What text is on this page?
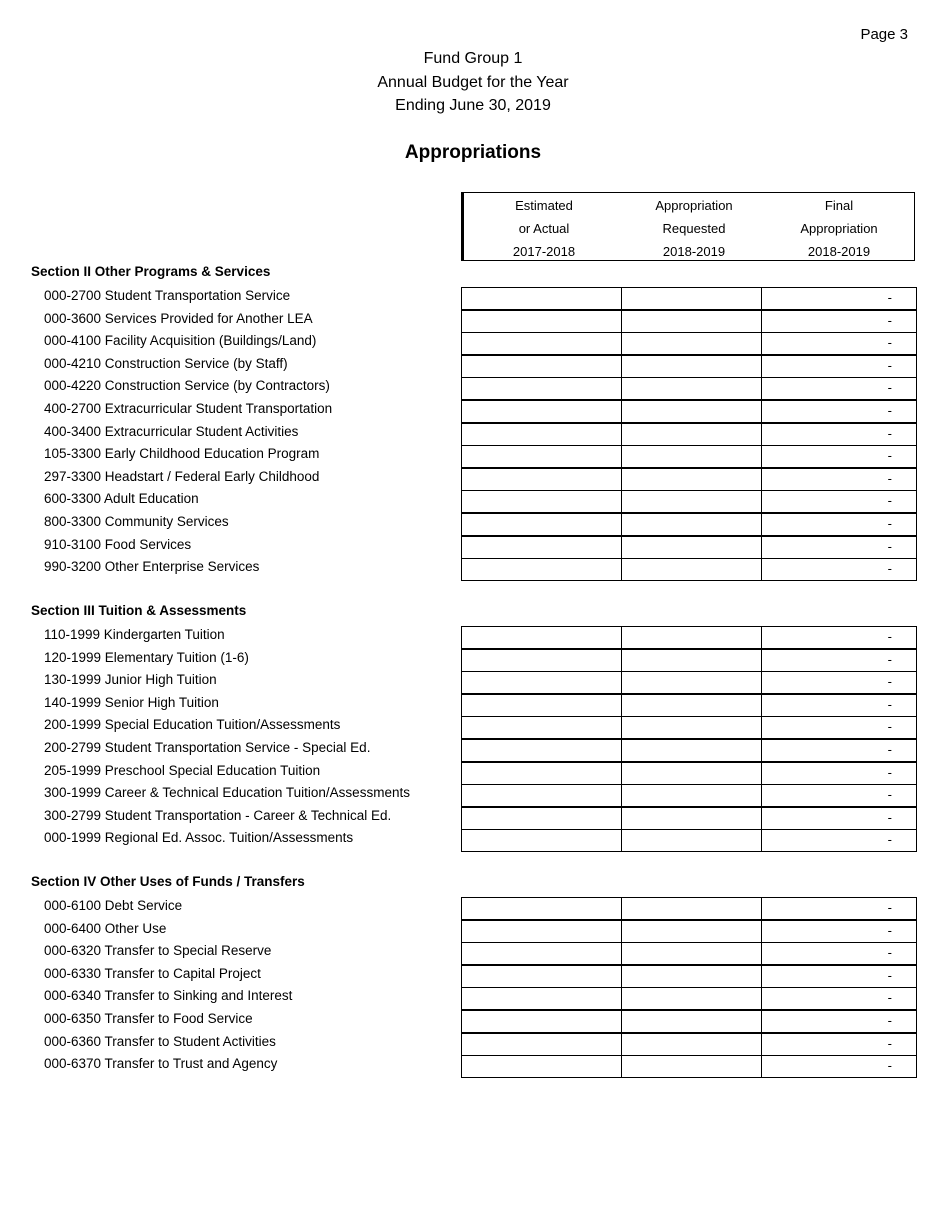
Page 3
Fund Group 1
Annual Budget for the Year
Ending June 30, 2019
Appropriations
Estimated
or Actual
2017-2018
Appropriation
Requested
2018-2019
Final
Appropriation
2018-2019
Section II Other Programs & Services
000-2700 Student Transportation Service	-
000-3600 Services Provided for Another LEA	-
000-4100 Facility Acquisition (Buildings/Land)	-
000-4210 Construction Service (by Staff)	-
000-4220 Construction Service (by Contractors)	-
400-2700 Extracurricular Student Transportation	-
400-3400 Extracurricular Student Activities	-
105-3300 Early Childhood Education Program	-
297-3300 Headstart / Federal Early Childhood	-
600-3300 Adult Education	-
800-3300 Community Services	-
910-3100 Food Services	-
990-3200 Other Enterprise Services	-
Section III Tuition & Assessments
110-1999 Kindergarten Tuition	-
120-1999 Elementary Tuition (1-6)	-
130-1999 Junior High Tuition	-
140-1999 Senior High Tuition	-
200-1999 Special Education Tuition/Assessments	-
200-2799 Student Transportation Service - Special Ed.	-
205-1999 Preschool Special Education Tuition	-
300-1999 Career & Technical Education Tuition/Assessments	-
300-2799 Student Transportation - Career & Technical Ed.	-
000-1999 Regional Ed. Assoc. Tuition/Assessments	-
Section IV Other Uses of Funds / Transfers
000-6100 Debt Service	-
000-6400 Other Use	-
000-6320 Transfer to Special Reserve	-
000-6330 Transfer to Capital Project	-
000-6340 Transfer to Sinking and Interest	-
000-6350 Transfer to Food Service	-
000-6360 Transfer to Student Activities	-
000-6370 Transfer to Trust and Agency	-
